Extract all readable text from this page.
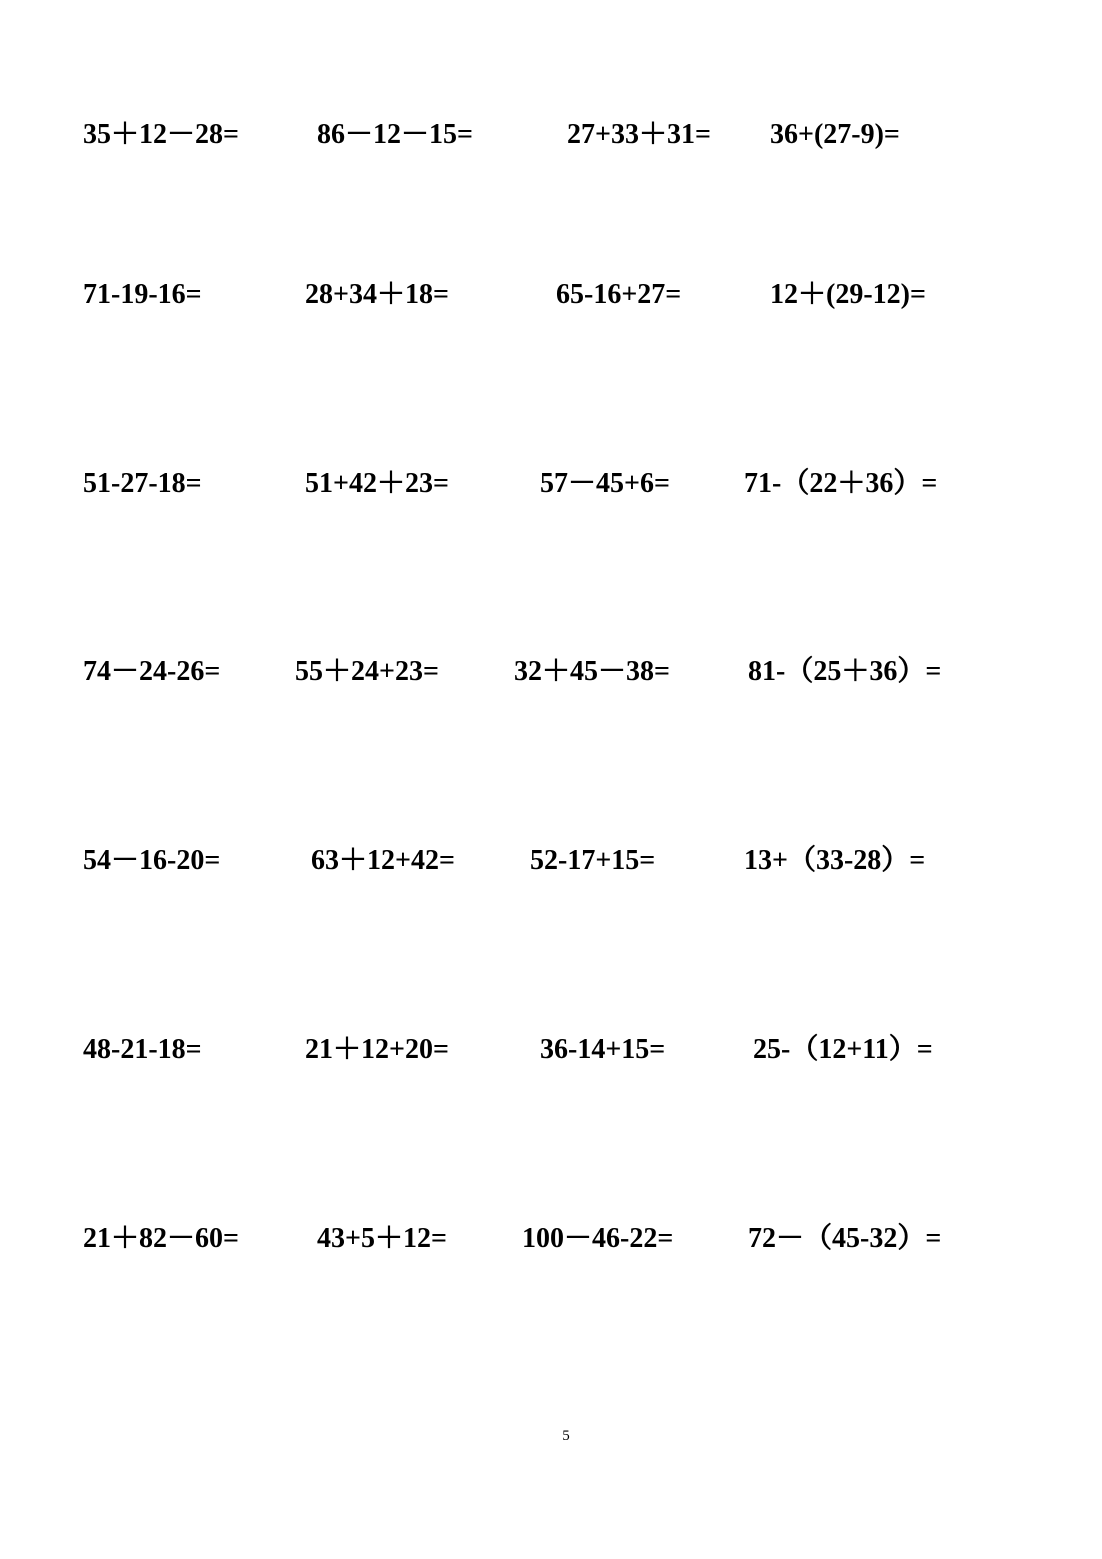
35＋12－28=	86－12－15=	27+33＋31= 36+(27-9)=
71-19-16=	28+34＋18=	65-16+27=	12＋(29-12)=
51-27-18=	51+42＋23=	57－45+6=	71-（22＋36）=
74－24-26=	55＋24+23=	32＋45－38=	81-（25＋36）=
54－16-20=	63＋12+42=	52-17+15=	13+（33-28）=
48-21-18=	21＋12+20=	36-14+15=	25-（12+11）=
21＋82－60=	43+5＋12=	100－46-22=	72－（45-32）=
5
